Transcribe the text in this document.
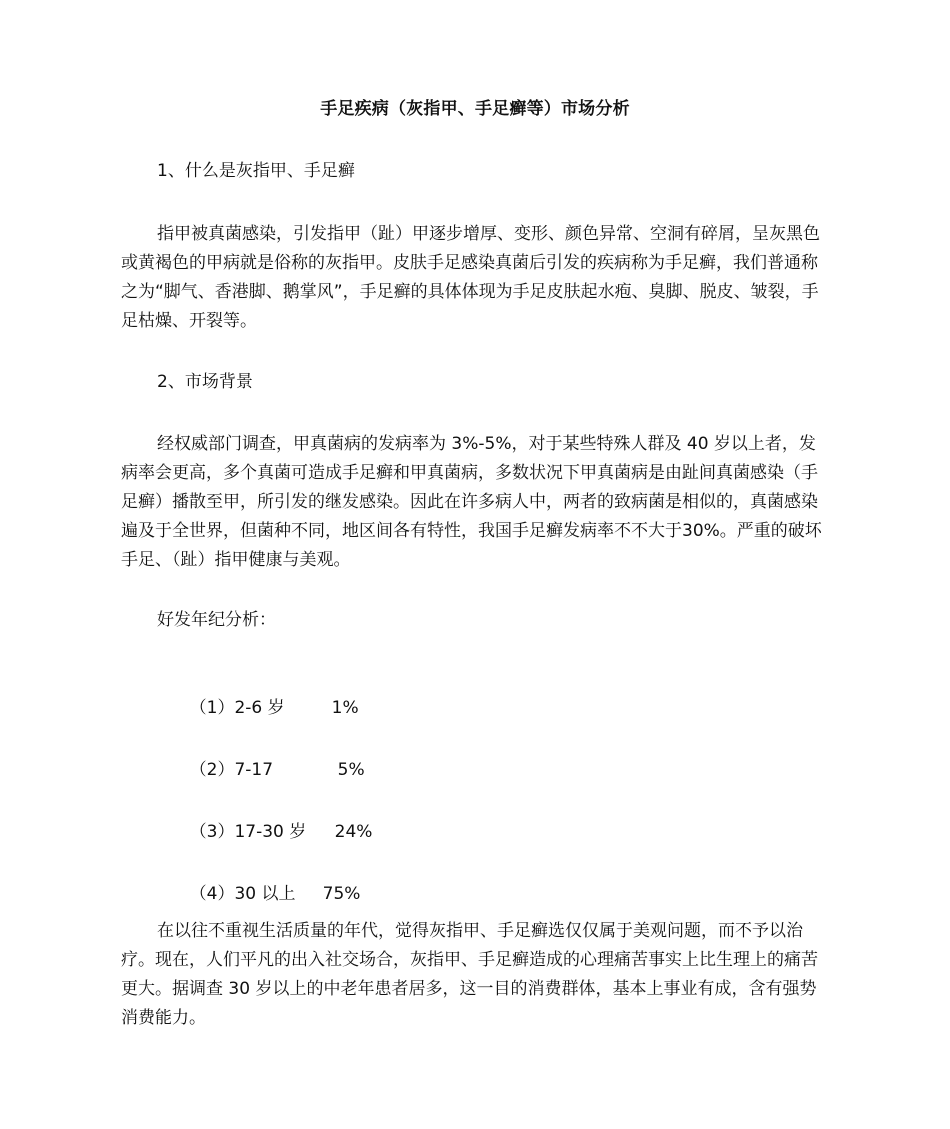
手足疾病（灰指甲、手足癣等）市场分析

1、什么是灰指甲、手足癣

指甲被真菌感染，引发指甲（趾）甲逐步增厚、变形、颜色异常、空洞有碎屑，呈灰黑色或黄褐色的甲病就是俗称的灰指甲。皮肤手足感染真菌后引发的疾病称为手足癣，我们普通称之为“脚气、香港脚、鹅掌风”，手足癣的具体体现为手足皮肤起水疱、臭脚、脱皮、皱裂，手足枯燥、开裂等。

2、市场背景

经权威部门调查，甲真菌病的发病率为 3%-5%，对于某些特殊人群及 40 岁以上者，发病率会更高，多个真菌可造成手足癣和甲真菌病，多数状况下甲真菌病是由趾间真菌感染（手足癣）播散至甲，所引发的继发感染。因此在许多病人中，两者的致病菌是相似的，真菌感染遍及于全世界，但菌种不同，地区间各有特性，我国手足癣发病率不不大于30%。严重的破坏手足、（趾）指甲健康与美观。

好发年纪分析：

（1）2-6 岁	1%

（2）7-17	5%

（3）17-30 岁 24%

（4）30 以上 75%

在以往不重视生活质量的年代，觉得灰指甲、手足癣选仅仅属于美观问题，而不予以治疗。现在，人们平凡的出入社交场合，灰指甲、手足癣造成的心理痛苦事实上比生理上的痛苦更大。据调查 30 岁以上的中老年患者居多，这一目的消费群体，基本上事业有成，含有强势消费能力。
